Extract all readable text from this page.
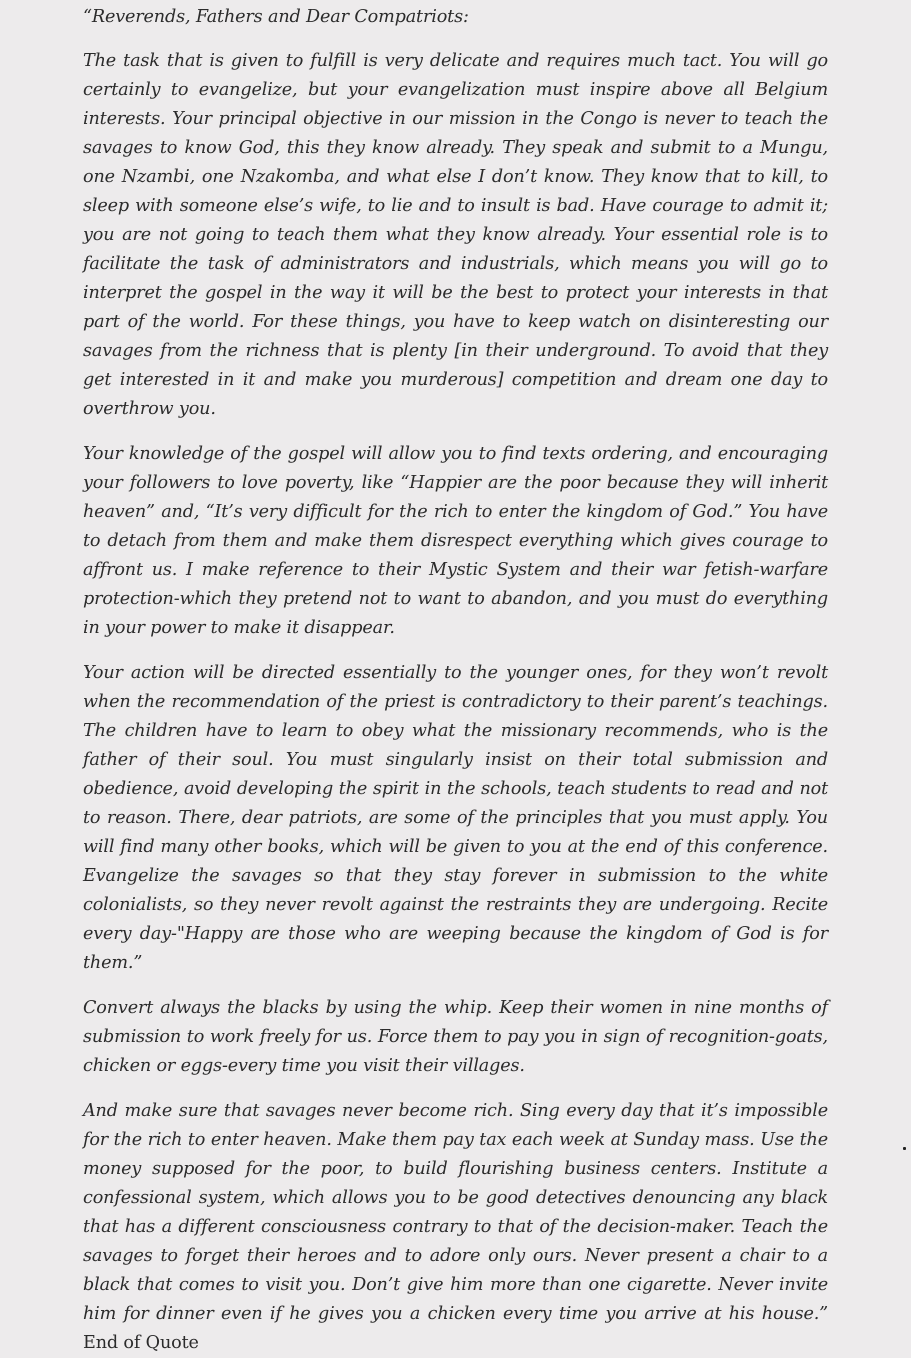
“Reverends, Fathers and Dear Compatriots:

The task that is given to fulfill is very delicate and requires much tact. You will go certainly to evangelize, but your evangelization must inspire above all Belgium interests. Your principal objective in our mission in the Congo is never to teach the savages to know God, this they know already. They speak and submit to a Mungu, one Nzambi, one Nzakomba, and what else I don’t know. They know that to kill, to sleep with someone else’s wife, to lie and to insult is bad. Have courage to admit it; you are not going to teach them what they know already. Your essential role is to facilitate the task of administrators and industrials, which means you will go to interpret the gospel in the way it will be the best to protect your interests in that part of the world. For these things, you have to keep watch on disinteresting our savages from the richness that is plenty [in their underground. To avoid that they get interested in it and make you murderous] competition and dream one day to overthrow you.

Your knowledge of the gospel will allow you to find texts ordering, and encouraging your followers to love poverty, like “Happier are the poor because they will inherit heaven” and, “It’s very difficult for the rich to enter the kingdom of God.” You have to detach from them and make them disrespect everything which gives courage to affront us. I make reference to their Mystic System and their war fetish-warfare protection-which they pretend not to want to abandon, and you must do everything in your power to make it disappear.

Your action will be directed essentially to the younger ones, for they won’t revolt when the recommendation of the priest is contradictory to their parent’s teachings. The children have to learn to obey what the missionary recommends, who is the father of their soul. You must singularly insist on their total submission and obedience, avoid developing the spirit in the schools, teach students to read and not to reason. There, dear patriots, are some of the principles that you must apply. You will find many other books, which will be given to you at the end of this conference. Evangelize the savages so that they stay forever in submission to the white colonialists, so they never revolt against the restraints they are undergoing. Recite every day-"Happy are those who are weeping because the kingdom of God is for them.”

Convert always the blacks by using the whip. Keep their women in nine months of submission to work freely for us. Force them to pay you in sign of recognition-goats, chicken or eggs-every time you visit their villages.

And make sure that savages never become rich. Sing every day that it’s impossible for the rich to enter heaven. Make them pay tax each week at Sunday mass. Use the money supposed for the poor, to build flourishing business centers. Institute a confessional system, which allows you to be good detectives denouncing any black that has a different consciousness contrary to that of the decision-maker. Teach the savages to forget their heroes and to adore only ours. Never present a chair to a black that comes to visit you. Don’t give him more than one cigarette. Never invite him for dinner even if he gives you a chicken every time you arrive at his house.” End of Quote
